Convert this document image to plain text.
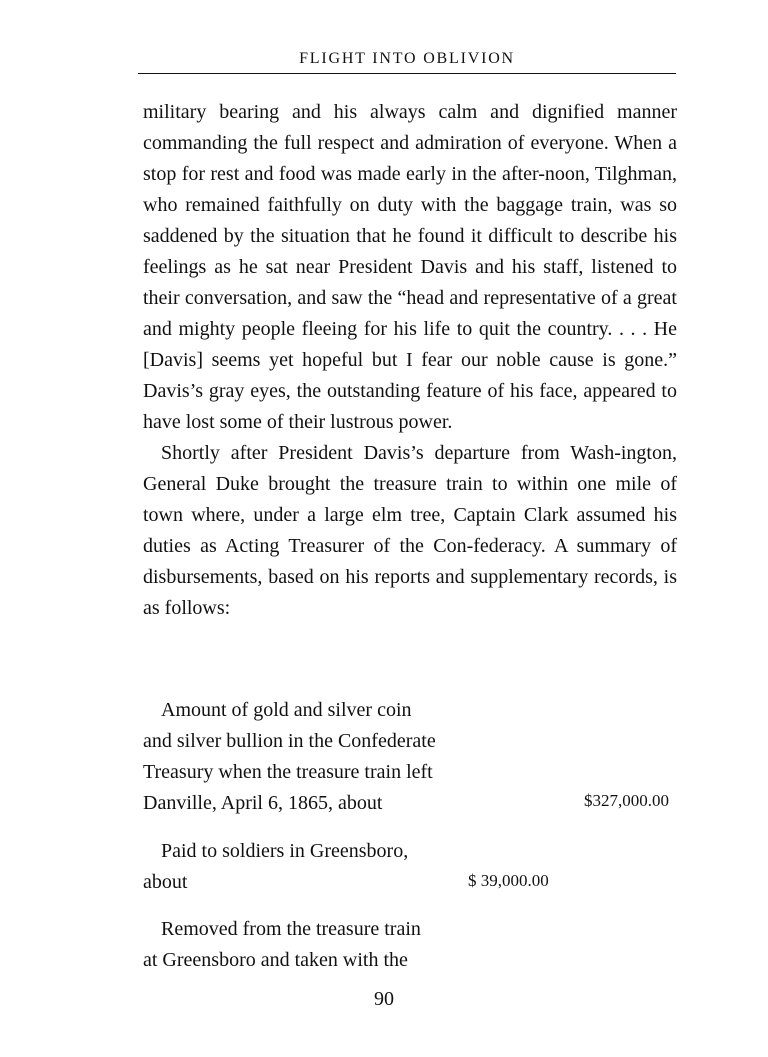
FLIGHT INTO OBLIVION

military bearing and his always calm and dignified manner commanding the full respect and admiration of everyone. When a stop for rest and food was made early in the after-noon, Tilghman, who remained faithfully on duty with the baggage train, was so saddened by the situation that he found it difficult to describe his feelings as he sat near President Davis and his staff, listened to their conversation, and saw the “head and representative of a great and mighty people fleeing for his life to quit the country. . . . He [Davis] seems yet hopeful but I fear our noble cause is gone.” Davis’s gray eyes, the outstanding feature of his face, appeared to have lost some of their lustrous power.

Shortly after President Davis’s departure from Wash-ington, General Duke brought the treasure train to within one mile of town where, under a large elm tree, Captain Clark assumed his duties as Acting Treasurer of the Con-federacy. A summary of disbursements, based on his reports and supplementary records, is as follows:

Amount of gold and silver coin
and silver bullion in the Confederate
Treasury when the treasure train left
Danville, April 6, 1865, about	$327,000.00
Paid to soldiers in Greensboro,
about	$ 39,000.00
Removed from the treasure train
at Greensboro and taken with the
90
